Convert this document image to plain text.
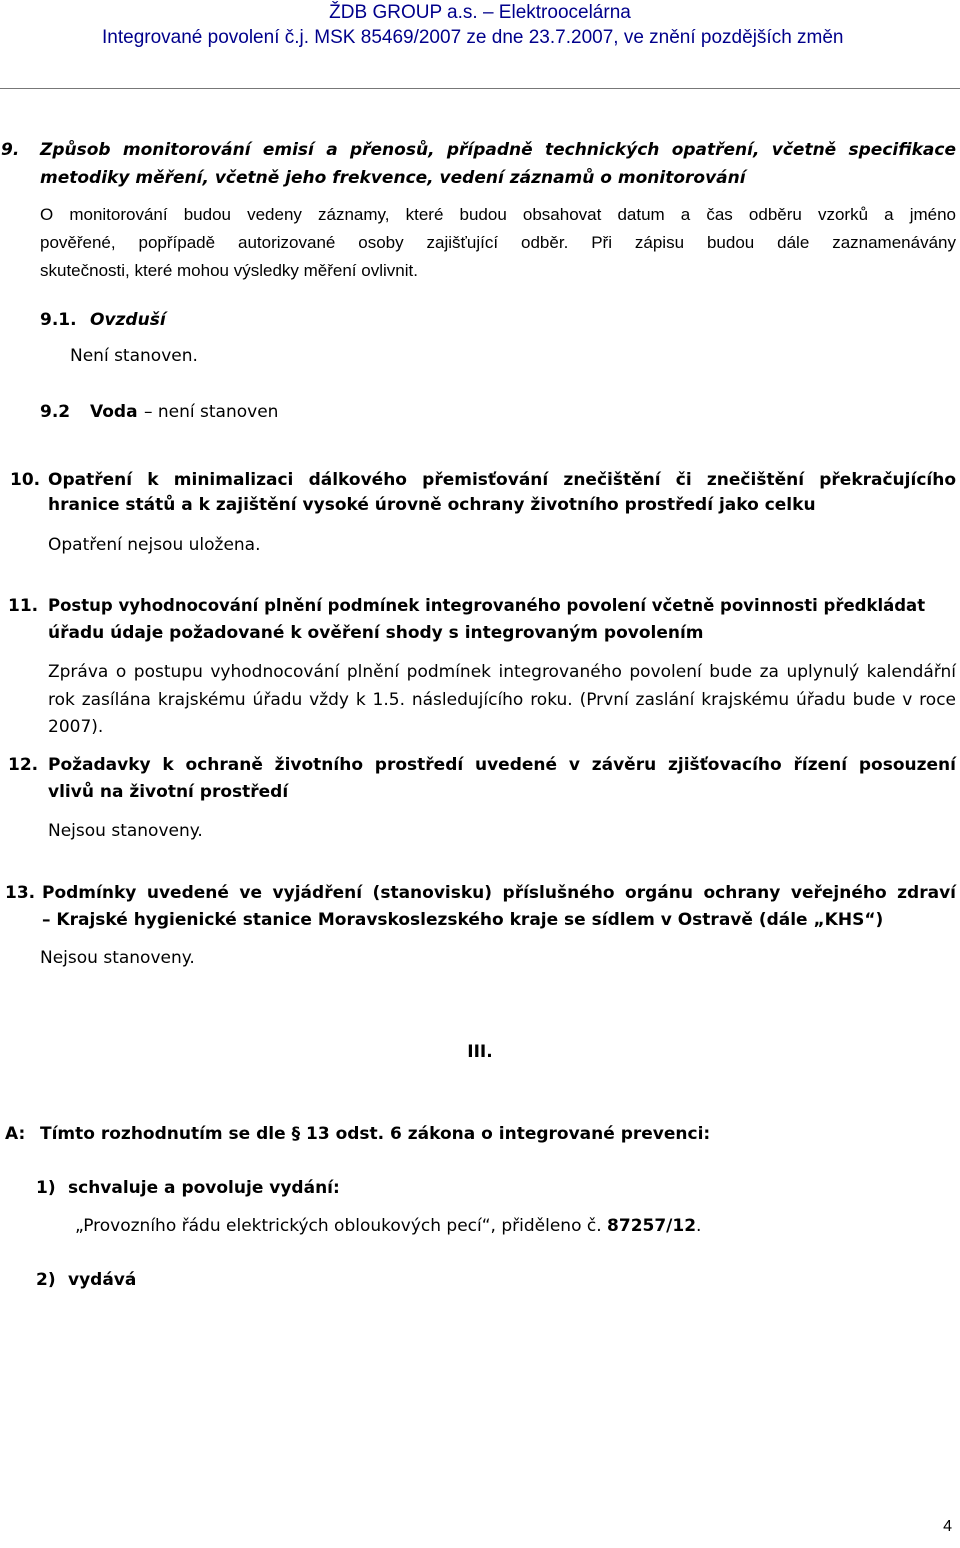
ŽDB GROUP a.s. – Elektroocelárna
Integrované povolení č.j. MSK 85469/2007 ze dne 23.7.2007, ve znění pozdějších změn
9. Způsob monitorování emisí a přenosů, případně technických opatření, včetně specifikace
metodiky měření, včetně jeho frekvence, vedení záznamů o monitorování
O monitorování budou vedeny záznamy, které budou obsahovat datum a čas odběru vzorků a jméno
pověřené, popřípadě autorizované osoby zajišťující odběr. Při zápisu budou dále zaznamenávány
skutečnosti, které mohou výsledky měření ovlivnit.
9.1. Ovzduší
Není stanoven.
9.2 Voda – není stanoven
10. Opatření k minimalizaci dálkového přemisťování znečištění či znečištění překračujícího
hranice států a k zajištění vysoké úrovně ochrany životního prostředí jako celku
Opatření nejsou uložena.
11. Postup vyhodnocování plnění podmínek integrovaného povolení včetně povinnosti předkládat
úřadu údaje požadované k ověření shody s integrovaným povolením
Zpráva o postupu vyhodnocování plnění podmínek integrovaného povolení bude za uplynulý kalendářní
rok zasílána krajskému úřadu vždy k 1.5. následujícího roku. (První zaslání krajskému úřadu bude v roce
2007).
12. Požadavky k ochraně životního prostředí uvedené v závěru zjišťovacího řízení posouzení
vlivů na životní prostředí
Nejsou stanoveny.
13. Podmínky uvedené ve vyjádření (stanovisku) příslušného orgánu ochrany veřejného zdraví
– Krajské hygienické stanice Moravskoslezského kraje se sídlem v Ostravě (dále „KHS“)
Nejsou stanoveny.
III.
A: Tímto rozhodnutím se dle § 13 odst. 6 zákona o integrované prevenci:
1) schvaluje a povoluje vydání:
„Provozního řádu elektrických obloukových pecí“, přiděleno č. 87257/12.
2) vydává
4
